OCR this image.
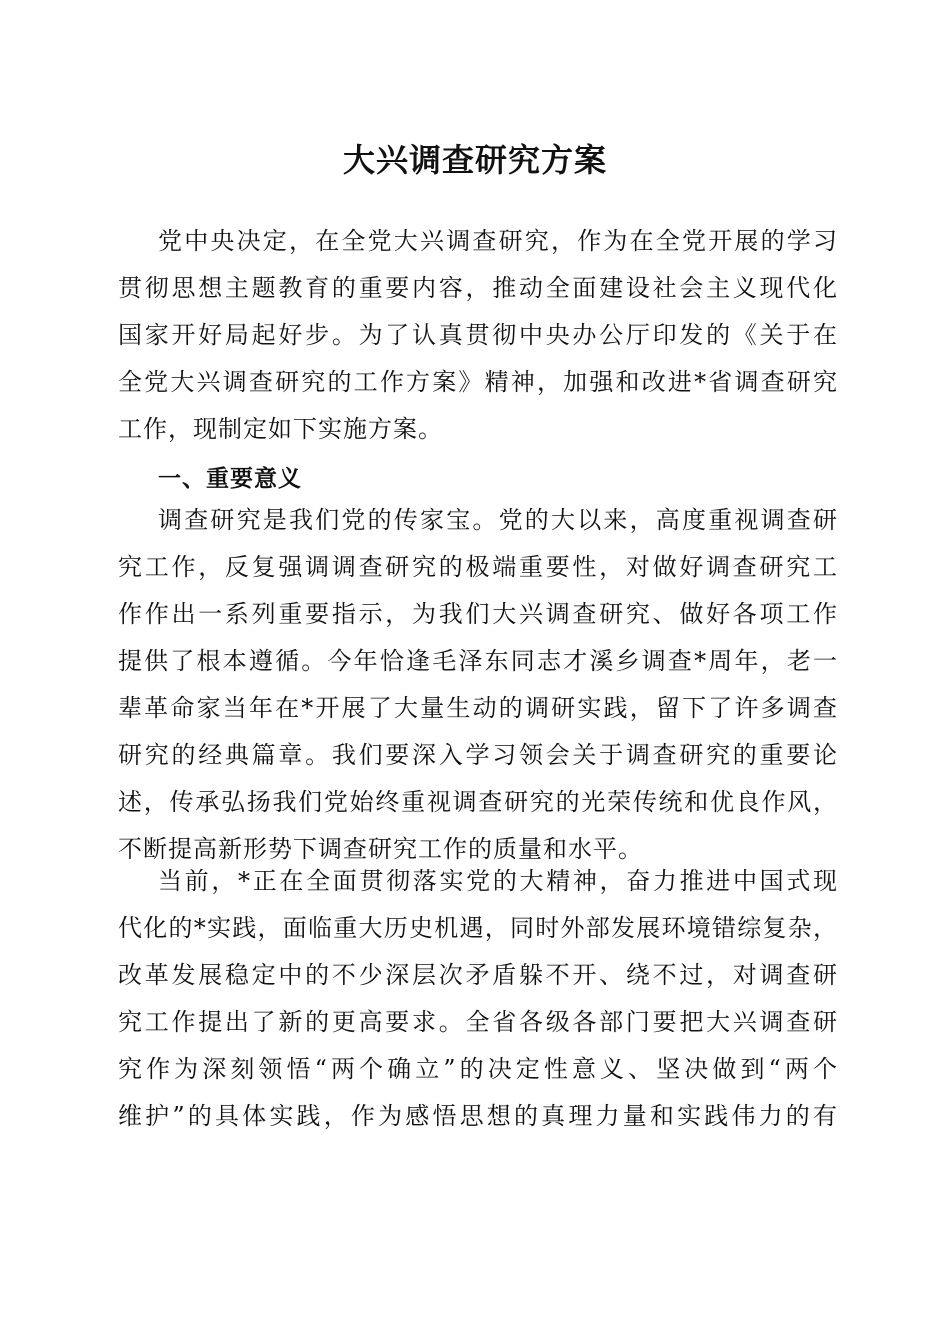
大兴调查研究方案
党中央决定，在全党大兴调查研究，作为在全党开展的学习
贯彻思想主题教育的重要内容，推动全面建设社会主义现代化
国家开好局起好步。为了认真贯彻中央办公厅印发的《关于在
全党大兴调查研究的工作方案》精神，加强和改进*省调查研究
工作，现制定如下实施方案。
一、重要意义
调查研究是我们党的传家宝。党的大以来，高度重视调查研
究工作，反复强调调查研究的极端重要性，对做好调查研究工
作作出一系列重要指示，为我们大兴调查研究、做好各项工作
提供了根本遵循。今年恰逢毛泽东同志才溪乡调查*周年，老一
辈革命家当年在*开展了大量生动的调研实践，留下了许多调查
研究的经典篇章。我们要深入学习领会关于调查研究的重要论
述，传承弘扬我们党始终重视调查研究的光荣传统和优良作风，
不断提高新形势下调查研究工作的质量和水平。
当前，*正在全面贯彻落实党的大精神，奋力推进中国式现
代化的*实践，面临重大历史机遇，同时外部发展环境错综复杂，
改革发展稳定中的不少深层次矛盾躲不开、绕不过，对调查研
究工作提出了新的更高要求。全省各级各部门要把大兴调查研
究作为深刻领悟“两个确立”的决定性意义、坚决做到“两个
维护”的具体实践，作为感悟思想的真理力量和实践伟力的有
